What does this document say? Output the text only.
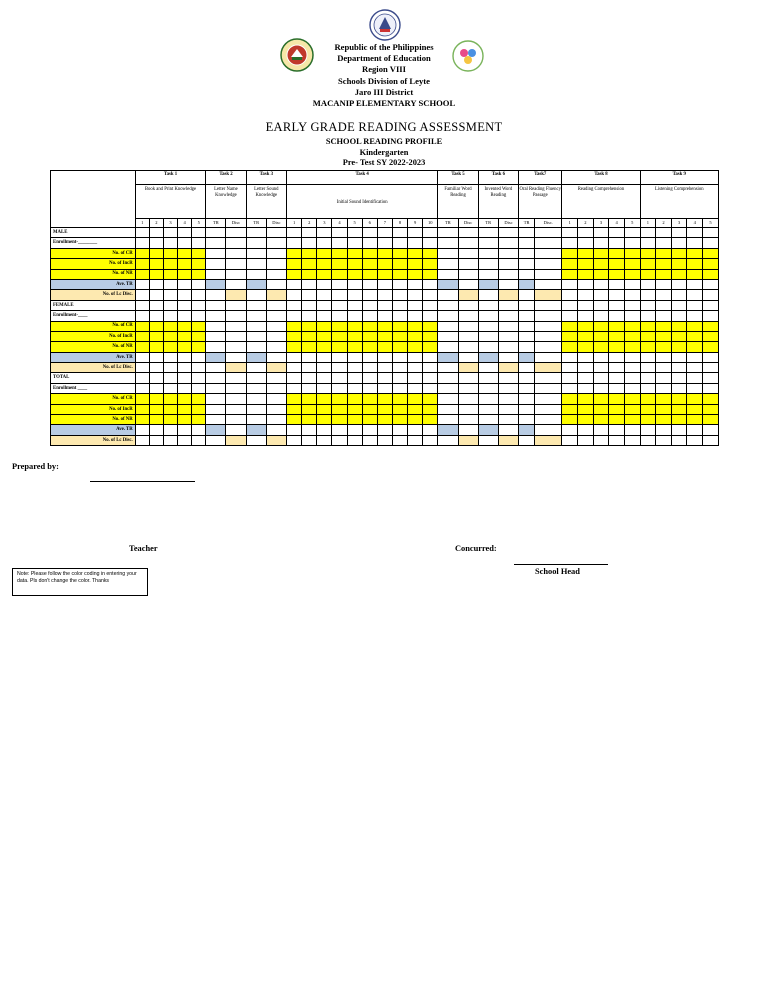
Republic of the Philippines
Department of Education
Region VIII
Schools Division of Leyte
Jaro III District
MACANIP ELEMENTARY SCHOOL
EARLY GRADE READING ASSESSMENT
SCHOOL READING PROFILE
Kindergarten
Pre- Test SY 2022-2023
	Task 1					Task 2		Task 3		Task 4										Task 5		Task 6		Task7		Task 8					Task 9				
	Book and Print Knowledge					Letter Name Knowledge		Letter Sound Knowledge		Initial Sound Identification										Familiar Word Reading		Invented Word Reading		Oral Reading Fluency Passage		Reading Comprehension					Listening Comprehension				
	1	2	3	4	5	TR	Disc	TR	Disc	1	2	3	4	5	6	7	8	9	10	TR	Disc	TR	Disc	TR	Disc.	1	2	3	4	5	1	2	3	4	5
MALE																																			
Enrollment-________																																			
No. of CR																																			
No. of IncR																																			
No. of NR																																			
Ave. TR																																			
No. of Lc Disc.																																			
FEMALE																																			
Enrollment-____																																			
No. of CR																																			
No. of IncR																																			
No. of NR																																			
Ave. TR																																			
No. of Lc Disc.																																			
TOTAL																																			
Enrollment ____																																			
No. of CR																																			
No. of IncR																																			
No. of NR																																			
Ave. TR																																			
No. of Lc Disc.																																			
Prepared by:
Teacher	Concurred:
School Head
Note: Please follow the color coding in entering your data. Pls don't change the color. Thanks
